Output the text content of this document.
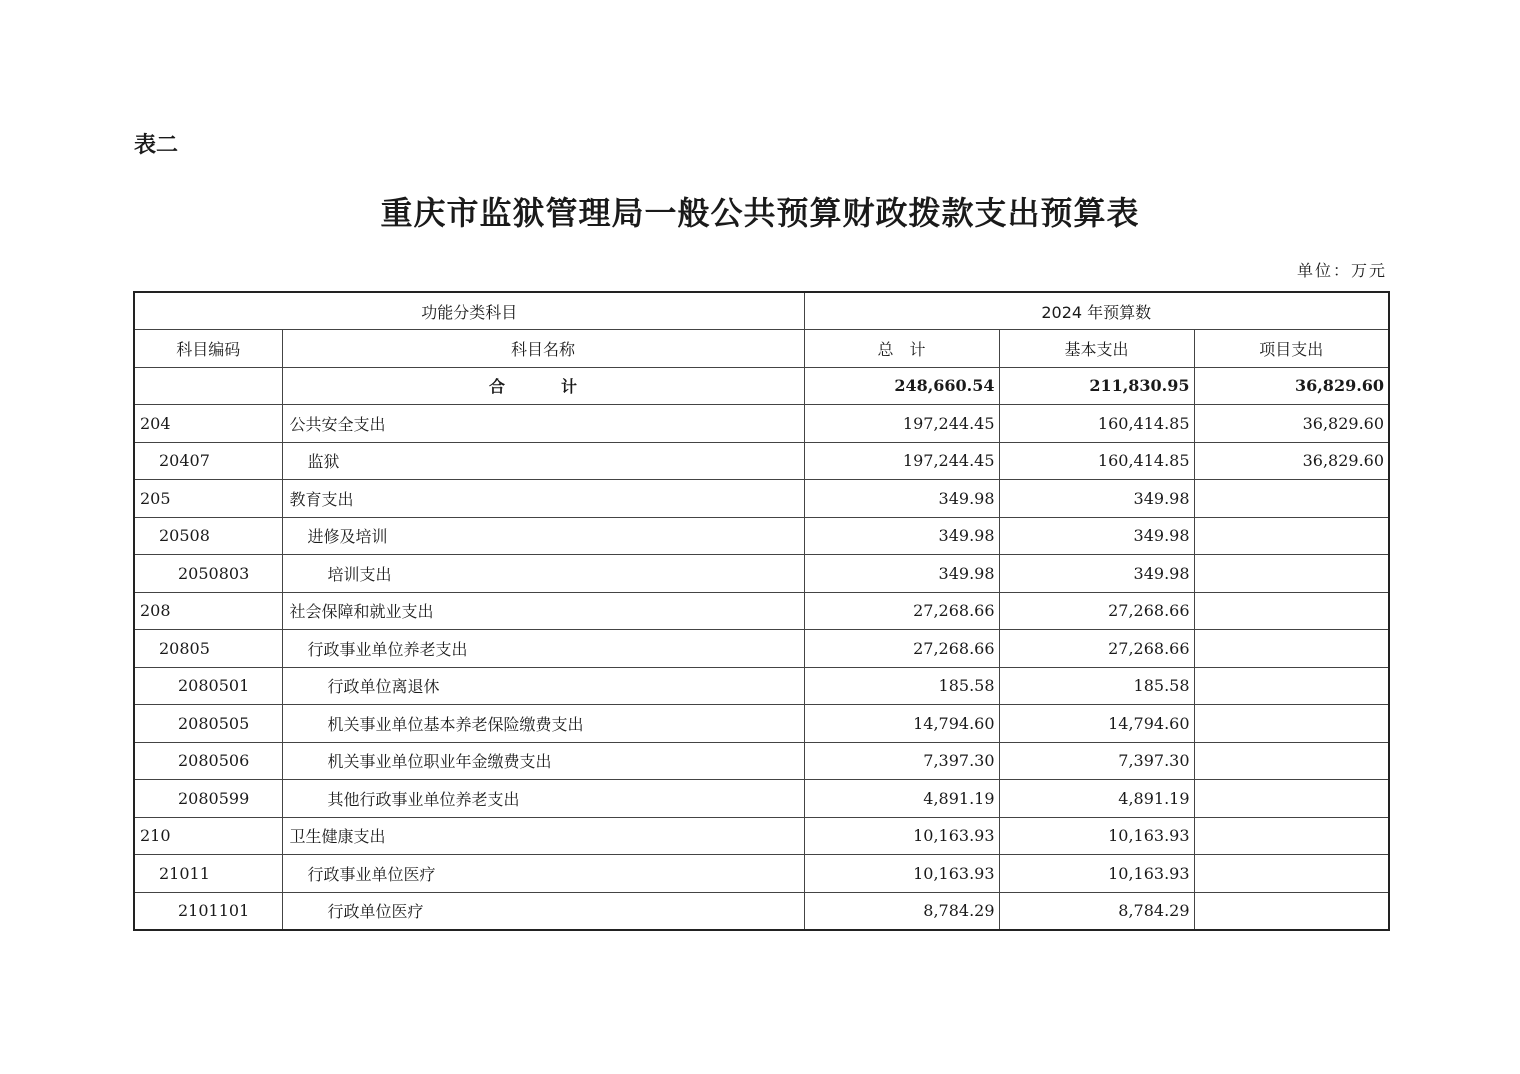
表二
重庆市监狱管理局一般公共预算财政拨款支出预算表
单位：万元
功能分类科目		2024 年预算数		
科目编码	科目名称	总　计	基本支出	项目支出
	合　计	248,660.54	211,830.95	36,829.60
204	公共安全支出	197,244.45	160,414.85	36,829.60
20407	监狱	197,244.45	160,414.85	36,829.60
205	教育支出	349.98	349.98	
20508	进修及培训	349.98	349.98	
2050803	培训支出	349.98	349.98	
208	社会保障和就业支出	27,268.66	27,268.66	
20805	行政事业单位养老支出	27,268.66	27,268.66	
2080501	行政单位离退休	185.58	185.58	
2080505	机关事业单位基本养老保险缴费支出	14,794.60	14,794.60	
2080506	机关事业单位职业年金缴费支出	7,397.30	7,397.30	
2080599	其他行政事业单位养老支出	4,891.19	4,891.19	
210	卫生健康支出	10,163.93	10,163.93	
21011	行政事业单位医疗	10,163.93	10,163.93	
2101101	行政单位医疗	8,784.29	8,784.29	
